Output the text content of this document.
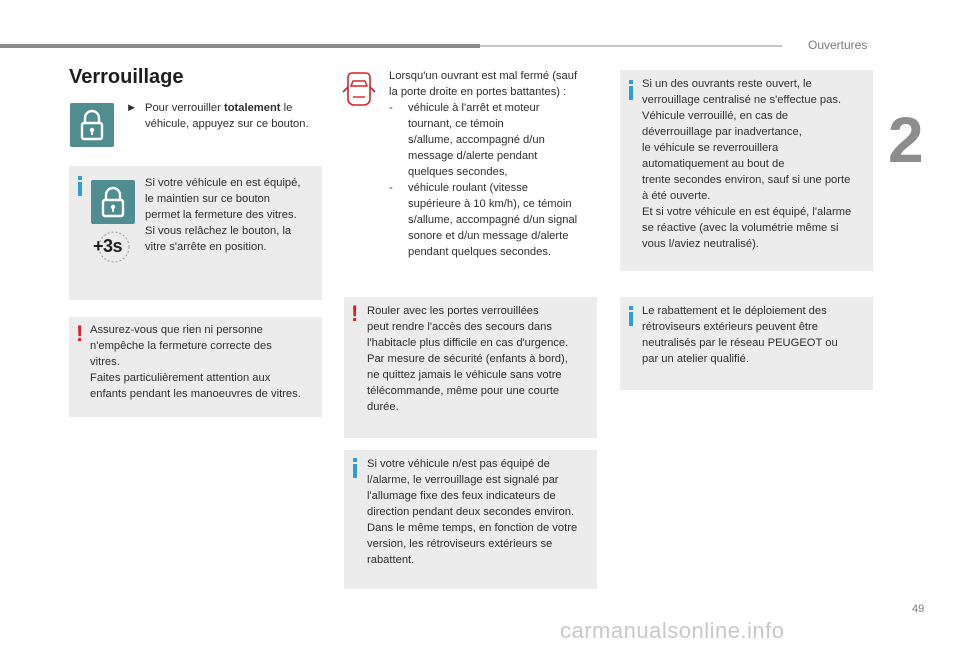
Ouvertures
2
Verrouillage
► Pour verrouiller totalement le
véhicule, appuyez sur ce bouton.
+3s
Si votre véhicule en est équipé,
le maintien sur ce bouton
permet la fermeture des vitres.
Si vous relâchez le bouton, la
vitre s'arrête en position.
! Assurez-vous que rien ni personne
n'empêche la fermeture correcte des
vitres.
Faites particulièrement attention aux
enfants pendant les manoeuvres de vitres.
Lorsqu'un ouvrant est mal fermé (sauf
la porte droite en portes battantes) :
- véhicule à l'arrêt et moteur
tournant, ce témoin
s/allume, accompagné d/un
message d/alerte pendant
quelques secondes,
- véhicule roulant (vitesse
supérieure à 10 km/h), ce témoin
s/allume, accompagné d/un signal
sonore et d/un message d/alerte
pendant quelques secondes.
! Rouler avec les portes verrouillées
peut rendre l'accès des secours dans
l'habitacle plus difficile en cas d'urgence.
Par mesure de sécurité (enfants à bord),
ne quittez jamais le véhicule sans votre
télécommande, même pour une courte
durée.
Si votre véhicule n/est pas équipé de
l/alarme, le verrouillage est signalé par
l'allumage fixe des feux indicateurs de
direction pendant deux secondes environ.
Dans le même temps, en fonction de votre
version, les rétroviseurs extérieurs se
rabattent.
Si un des ouvrants reste ouvert, le
verrouillage centralisé ne s'effectue pas.
Véhicule verrouillé, en cas de
déverrouillage par inadvertance,
le véhicule se reverrouillera
automatiquement au bout de
trente secondes environ, sauf si une porte
à été ouverte.
Et si votre véhicule en est équipé, l'alarme
se réactive (avec la volumétrie même si
vous l/aviez neutralisé).
Le rabattement et le déploiement des
rétroviseurs extérieurs peuvent être
neutralisés par le réseau PEUGEOT ou
par un atelier qualifié.
49
carmanualsonline.info
